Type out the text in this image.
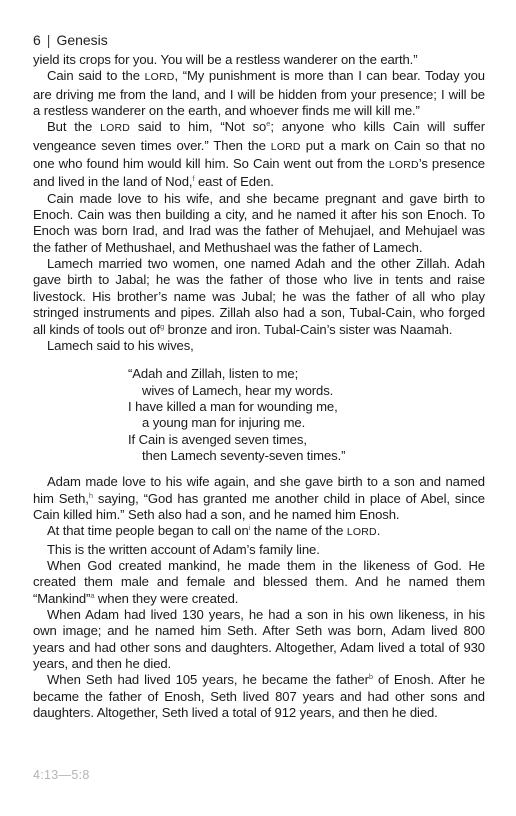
6 | Genesis

yield its crops for you. You will be a restless wanderer on the earth.”

Cain said to the LORD, “My punishment is more than I can bear. Today you are driving me from the land, and I will be hidden from your presence; I will be a restless wanderer on the earth, and whoever finds me will kill me.”

But the LORD said to him, “Not $so^e$; anyone who kills Cain will suffer vengeance seven times over.” Then the LORD put a mark on Cain so that no one who found him would kill him. So Cain went out from the LORD’s presence and lived in the land of Nod,$^f$ east of Eden.

Cain made love to his wife, and she became pregnant and gave birth to Enoch. Cain was then building a city, and he named it after his son Enoch. To Enoch was born Irad, and Irad was the father of Mehujael, and Mehujael was the father of Methushael, and Methushael was the father of Lamech.

Lamech married two women, one named Adah and the other Zillah. Adah gave birth to Jabal; he was the father of those who live in tents and raise livestock. His brother’s name was Jubal; he was the father of all who play stringed instruments and pipes. Zillah also had a son, Tubal-Cain, who forged all kinds of tools out $of^g$ bronze and iron. Tubal-Cain’s sister was Naamah.

Lamech said to his wives,

“Adah and Zillah, listen to me;
wives of Lamech, hear my words.
I have killed a man for wounding me,
a young man for injuring me.
If Cain is avenged seven times,
then Lamech seventy-seven times.”

Adam made love to his wife again, and she gave birth to a son and named him Seth,$^h$ saying, “God has granted me another child in place of Abel, since Cain killed him.” Seth also had a son, and he named him Enosh.

At that time people began to call $on^i$ the name of the LORD.

This is the written account of Adam’s family line.

When God created mankind, he made them in the likeness of God. He created them male and female and blessed them. And he named them “Mankind”$^a$ when they were created.

When Adam had lived 130 years, he had a son in his own likeness, in his own image; and he named him Seth. After Seth was born, Adam lived 800 years and had other sons and daughters. Altogether, Adam lived a total of 930 years, and then he died.

When Seth had lived 105 years, he became the father$^b$ of Enosh. After he became the father of Enosh, Seth lived 807 years and had other sons and daughters. Altogether, Seth lived a total of 912 years, and then he died.

4:13—5:8
